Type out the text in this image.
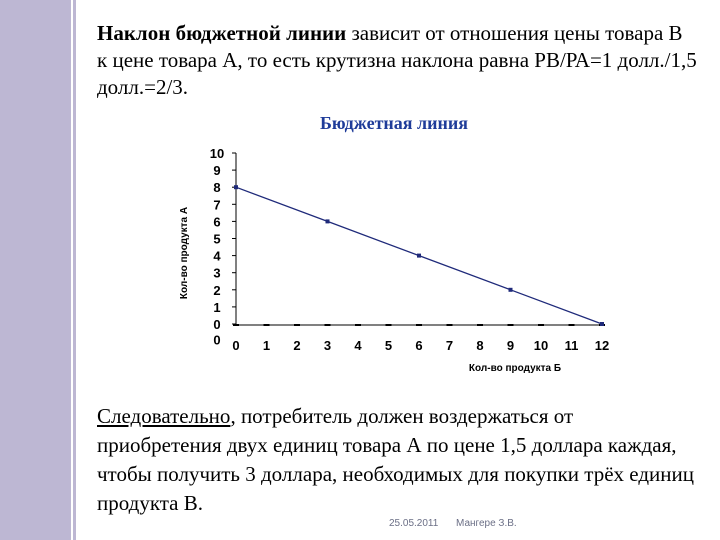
Наклон бюджетной линии зависит от отношения цены товара В к цене товара А, то есть крутизна наклона равна РВ/РА=1 долл./1,5 долл.=2/3.

Бюджетная линия
0
0
1
2
3
4
5
6
7
8
9
10
0 1 2 3 4 5 6 7 8 9 10 11 12
Кол-во продукта Б
Кол-во продукта А

Следовательно, потребитель должен воздержаться от приобретения двух единиц товара А по цене 1,5 доллара каждая, чтобы получить 3 доллара, необходимых для покупки трёх единиц продукта В.

25.05.2011 Мангере З.В.
